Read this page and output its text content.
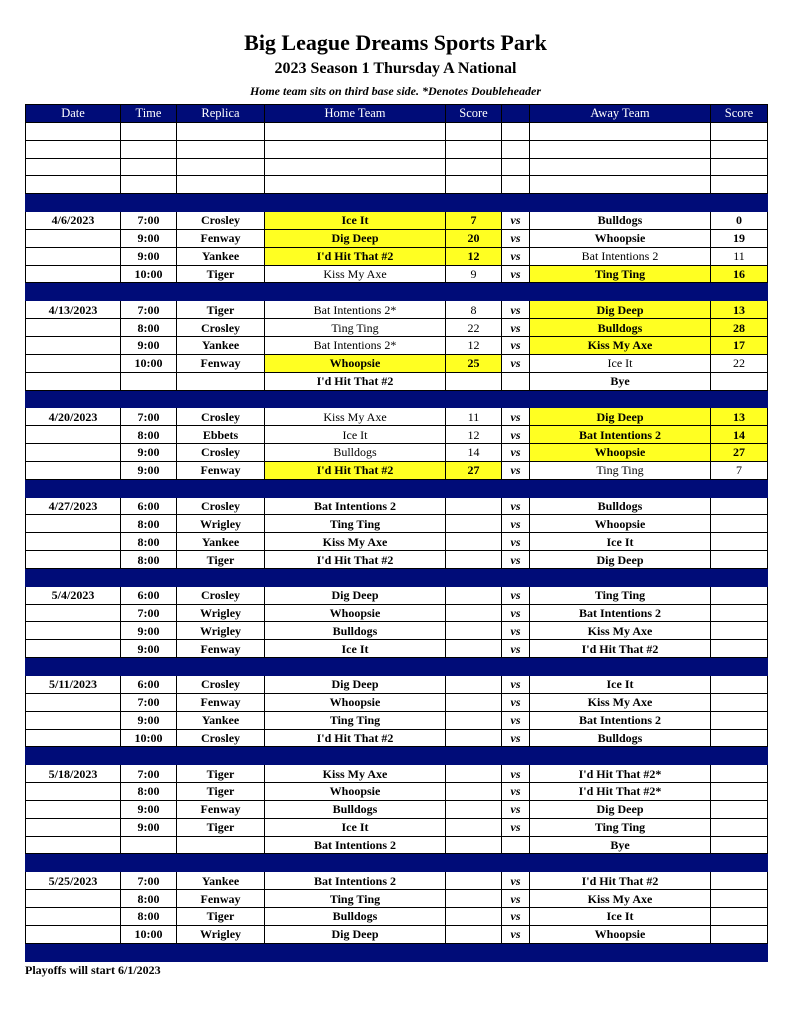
Big League Dreams Sports Park
2023 Season 1 Thursday A National
Home team sits on third base side. *Denotes Doubleheader
Date	Time	Replica	Home Team	Score		Away Team	Score

4/6/2023	7:00	Crosley	Ice It	7	vs	Bulldogs	0
	9:00	Fenway	Dig Deep	20	vs	Whoopsie	19
	9:00	Yankee	I'd Hit That #2	12	vs	Bat Intentions 2	11
	10:00	Tiger	Kiss My Axe	9	vs	Ting Ting	16

4/13/2023	7:00	Tiger	Bat Intentions 2*	8	vs	Dig Deep	13
	8:00	Crosley	Ting Ting	22	vs	Bulldogs	28
	9:00	Yankee	Bat Intentions 2*	12	vs	Kiss My Axe	17
	10:00	Fenway	Whoopsie	25	vs	Ice It	22
			I'd Hit That #2			Bye	

4/20/2023	7:00	Crosley	Kiss My Axe	11	vs	Dig Deep	13
	8:00	Ebbets	Ice It	12	vs	Bat Intentions 2	14
	9:00	Crosley	Bulldogs	14	vs	Whoopsie	27
	9:00	Fenway	I'd Hit That #2	27	vs	Ting Ting	7

4/27/2023	6:00	Crosley	Bat Intentions 2		vs	Bulldogs	
	8:00	Wrigley	Ting Ting		vs	Whoopsie	
	8:00	Yankee	Kiss My Axe		vs	Ice It	
	8:00	Tiger	I'd Hit That #2		vs	Dig Deep	

5/4/2023	6:00	Crosley	Dig Deep		vs	Ting Ting	
	7:00	Wrigley	Whoopsie		vs	Bat Intentions 2	
	9:00	Wrigley	Bulldogs		vs	Kiss My Axe	
	9:00	Fenway	Ice It		vs	I'd Hit That #2	

5/11/2023	6:00	Crosley	Dig Deep		vs	Ice It	
	7:00	Fenway	Whoopsie		vs	Kiss My Axe	
	9:00	Yankee	Ting Ting		vs	Bat Intentions 2	
	10:00	Crosley	I'd Hit That #2		vs	Bulldogs	

5/18/2023	7:00	Tiger	Kiss My Axe		vs	I'd Hit That #2*	
	8:00	Tiger	Whoopsie		vs	I'd Hit That #2*	
	9:00	Fenway	Bulldogs		vs	Dig Deep	
	9:00	Tiger	Ice It		vs	Ting Ting	
			Bat Intentions 2			Bye	

5/25/2023	7:00	Yankee	Bat Intentions 2		vs	I'd Hit That #2	
	8:00	Fenway	Ting Ting		vs	Kiss My Axe	
	8:00	Tiger	Bulldogs		vs	Ice It	
	10:00	Wrigley	Dig Deep		vs	Whoopsie	

Playoffs will start 6/1/2023
